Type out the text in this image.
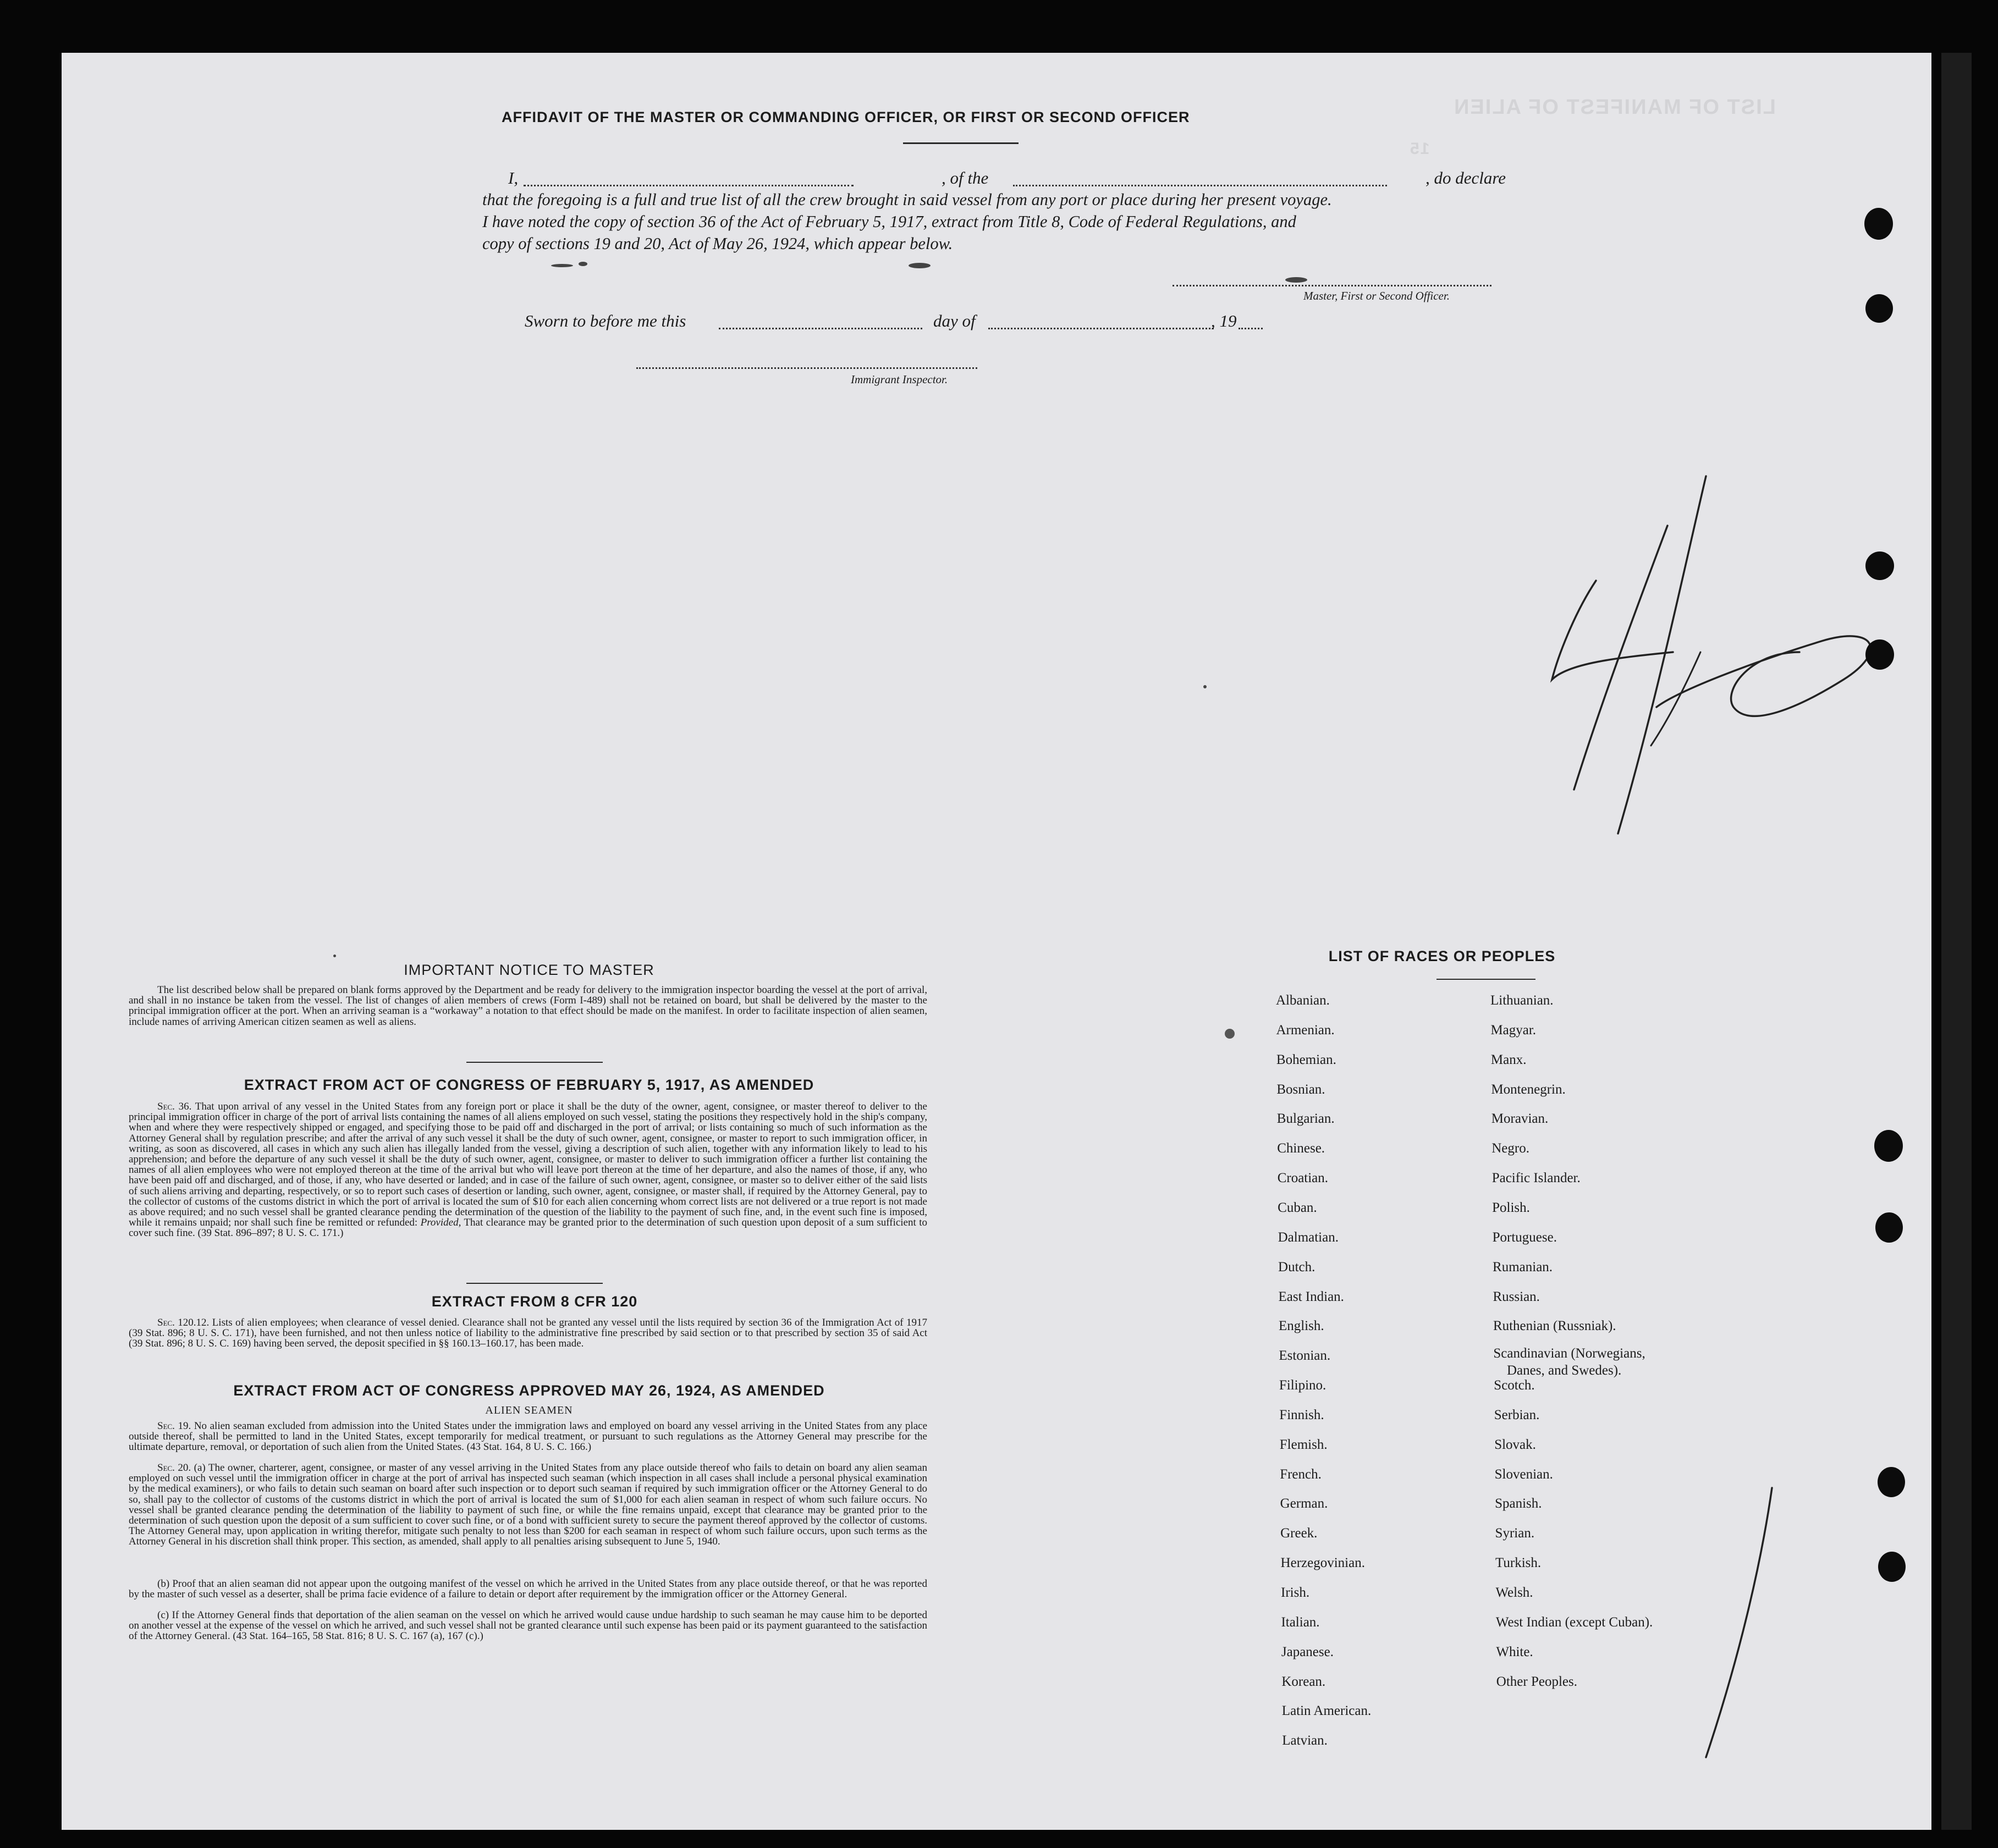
LIST OF MANIFEST OF ALIEN
15
AFFIDAVIT OF THE MASTER OR COMMANDING OFFICER, OR FIRST OR SECOND OFFICER
I,	, of the	, do declare
that the foregoing is a full and true list of all the crew brought in said vessel from any port or place during her present voyage.
I have noted the copy of section 36 of the Act of February 5, 1917, extract from Title 8, Code of Federal Regulations, and
copy of sections 19 and 20, Act of May 26, 1924, which appear below.
Master, First or Second Officer.
Sworn to before me this	day of	, 19
Immigrant Inspector.
IMPORTANT NOTICE TO MASTER

The list described below shall be prepared on blank forms approved by the Department and be ready for delivery to the immigration inspector boarding the vessel at the port of arrival, and shall in no instance be taken from the vessel. The list of changes of alien members of crews (Form I-489) shall not be retained on board, but shall be delivered by the master to the principal immigration officer at the port. When an arriving seaman is a “workaway” a notation to that effect should be made on the manifest. In order to facilitate inspection of alien seamen, include names of arriving American citizen seamen as well as aliens.

EXTRACT FROM ACT OF CONGRESS OF FEBRUARY 5, 1917, AS AMENDED

Sec. 36. That upon arrival of any vessel in the United States from any foreign port or place it shall be the duty of the owner, agent, consignee, or master thereof to deliver to the principal immigration officer in charge of the port of arrival lists containing the names of all aliens employed on such vessel, stating the positions they respectively hold in the ship's company, when and where they were respectively shipped or engaged, and specifying those to be paid off and discharged in the port of arrival; or lists containing so much of such information as the Attorney General shall by regulation prescribe; and after the arrival of any such vessel it shall be the duty of such owner, agent, consignee, or master to report to such immigration officer, in writing, as soon as discovered, all cases in which any such alien has illegally landed from the vessel, giving a description of such alien, together with any information likely to lead to his apprehension; and before the departure of any such vessel it shall be the duty of such owner, agent, consignee, or master to deliver to such immigration officer a further list containing the names of all alien employees who were not employed thereon at the time of the arrival but who will leave port thereon at the time of her departure, and also the names of those, if any, who have been paid off and discharged, and of those, if any, who have deserted or landed; and in case of the failure of such owner, agent, consignee, or master so to deliver either of the said lists of such aliens arriving and departing, respectively, or so to report such cases of desertion or landing, such owner, agent, consignee, or master shall, if required by the Attorney General, pay to the collector of customs of the customs district in which the port of arrival is located the sum of $10 for each alien concerning whom correct lists are not delivered or a true report is not made as above required; and no such vessel shall be granted clearance pending the determination of the question of the liability to the payment of such fine, and, in the event such fine is imposed, while it remains unpaid; nor shall such fine be remitted or refunded: Provided, That clearance may be granted prior to the determination of such question upon deposit of a sum sufficient to cover such fine. (39 Stat. 896–897; 8 U. S. C. 171.)

EXTRACT FROM 8 CFR 120

Sec. 120.12. Lists of alien employees; when clearance of vessel denied. Clearance shall not be granted any vessel until the lists required by section 36 of the Immigration Act of 1917 (39 Stat. 896; 8 U. S. C. 171), have been furnished, and not then unless notice of liability to the administrative fine prescribed by said section or to that prescribed by section 35 of said Act (39 Stat. 896; 8 U. S. C. 169) having been served, the deposit specified in §§ 160.13–160.17, has been made.

EXTRACT FROM ACT OF CONGRESS APPROVED MAY 26, 1924, AS AMENDED
ALIEN SEAMEN

Sec. 19. No alien seaman excluded from admission into the United States under the immigration laws and employed on board any vessel arriving in the United States from any place outside thereof, shall be permitted to land in the United States, except temporarily for medical treatment, or pursuant to such regulations as the Attorney General may prescribe for the ultimate departure, removal, or deportation of such alien from the United States. (43 Stat. 164, 8 U. S. C. 166.)

Sec. 20. (a) The owner, charterer, agent, consignee, or master of any vessel arriving in the United States from any place outside thereof who fails to detain on board any alien seaman employed on such vessel until the immigration officer in charge at the port of arrival has inspected such seaman (which inspection in all cases shall include a personal physical examination by the medical examiners), or who fails to detain such seaman on board after such inspection or to deport such seaman if required by such immigration officer or the Attorney General to do so, shall pay to the collector of customs of the customs district in which the port of arrival is located the sum of $1,000 for each alien seaman in respect of whom such failure occurs. No vessel shall be granted clearance pending the determination of the liability to payment of such fine, or while the fine remains unpaid, except that clearance may be granted prior to the determination of such question upon the deposit of a sum sufficient to cover such fine, or of a bond with sufficient surety to secure the payment thereof approved by the collector of customs. The Attorney General may, upon application in writing therefor, mitigate such penalty to not less than $200 for each seaman in respect of whom such failure occurs, upon such terms as the Attorney General in his discretion shall think proper. This section, as amended, shall apply to all penalties arising subsequent to June 5, 1940.

(b) Proof that an alien seaman did not appear upon the outgoing manifest of the vessel on which he arrived in the United States from any place outside thereof, or that he was reported by the master of such vessel as a deserter, shall be prima facie evidence of a failure to detain or deport after requirement by the immigration officer or the Attorney General.

(c) If the Attorney General finds that deportation of the alien seaman on the vessel on which he arrived would cause undue hardship to such seaman he may cause him to be deported on another vessel at the expense of the vessel on which he arrived, and such vessel shall not be granted clearance until such expense has been paid or its payment guaranteed to the satisfaction of the Attorney General. (43 Stat. 164–165, 58 Stat. 816; 8 U. S. C. 167 (a), 167 (c).)

LIST OF RACES OR PEOPLES
Albanian.
Armenian.
Bohemian.
Bosnian.
Bulgarian.
Chinese.
Croatian.
Cuban.
Dalmatian.
Dutch.
East Indian.
English.
Estonian.
Filipino.
Finnish.
Flemish.
French.
German.
Greek.
Herzegovinian.
Irish.
Italian.
Japanese.
Korean.
Latin American.
Latvian.
Lithuanian.
Magyar.
Manx.
Montenegrin.
Moravian.
Negro.
Pacific Islander.
Polish.
Portuguese.
Rumanian.
Russian.
Ruthenian (Russniak).
Scandinavian (Norwegians,
Danes, and Swedes).
Scotch.
Serbian.
Slovak.
Slovenian.
Spanish.
Syrian.
Turkish.
Welsh.
West Indian (except Cuban).
White.
Other Peoples.
